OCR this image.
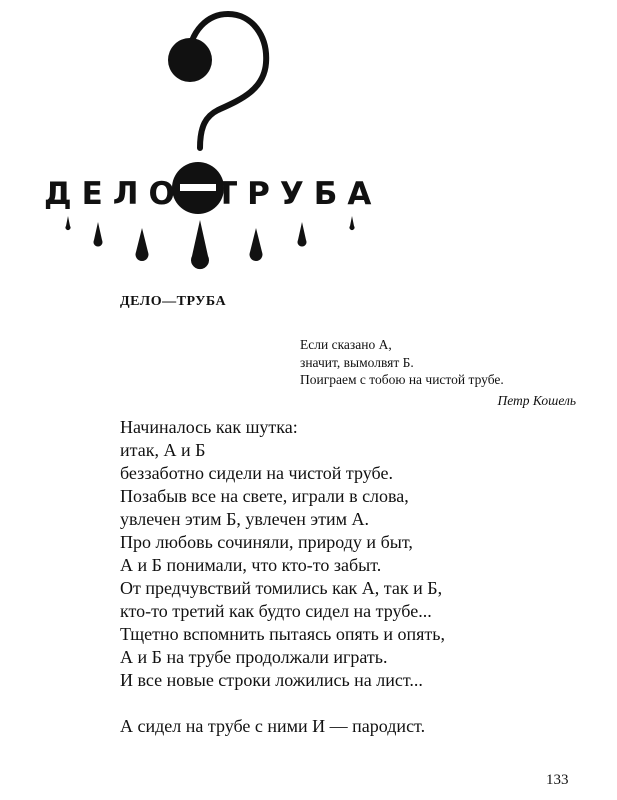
ДЕЛО ТРУБА
ДЕЛО—ТРУБА
Если сказано А,
значит, вымолвят Б.
Поиграем с тобою на чистой трубе.
Петр Кошель
Начиналось как шутка:
итак, А и Б
беззаботно сидели на чистой трубе.
Позабыв все на свете, играли в слова,
увлечен этим Б, увлечен этим А.
Про любовь сочиняли, природу и быт,
А и Б понимали, что кто-то забыт.
От предчувствий томились как А, так и Б,
кто-то третий как будто сидел на трубе...
Тщетно вспомнить пытаясь опять и опять,
А и Б на трубе продолжали играть.
И все новые строки ложились на лист...
А сидел на трубе с ними И — пародист.
133
